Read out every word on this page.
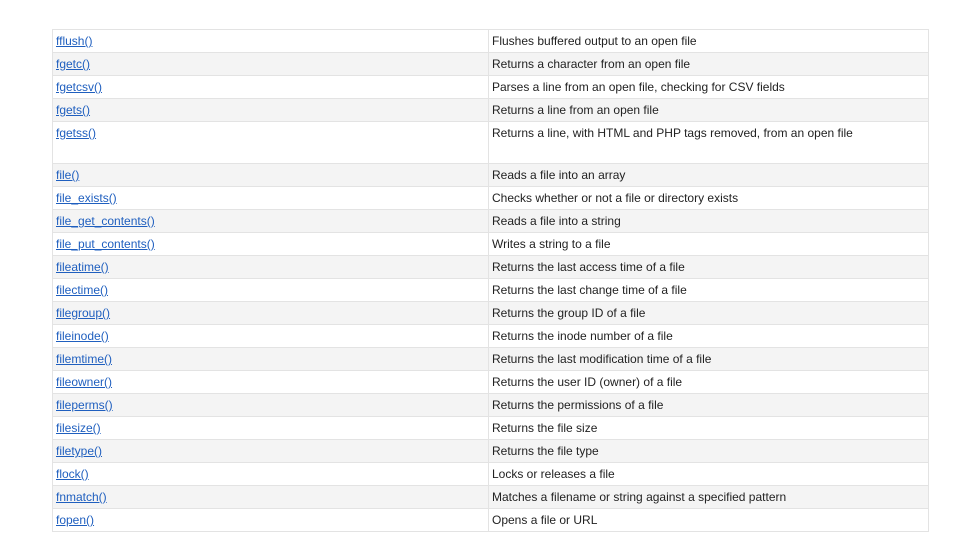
fflush()	Flushes buffered output to an open file
fgetc()	Returns a character from an open file
fgetcsv()	Parses a line from an open file, checking for CSV fields
fgets()	Returns a line from an open file
fgetss()	Returns a line, with HTML and PHP tags removed, from an open file
file()	Reads a file into an array
file_exists()	Checks whether or not a file or directory exists
file_get_contents()	Reads a file into a string
file_put_contents()	Writes a string to a file
fileatime()	Returns the last access time of a file
filectime()	Returns the last change time of a file
filegroup()	Returns the group ID of a file
fileinode()	Returns the inode number of a file
filemtime()	Returns the last modification time of a file
fileowner()	Returns the user ID (owner) of a file
fileperms()	Returns the permissions of a file
filesize()	Returns the file size
filetype()	Returns the file type
flock()	Locks or releases a file
fnmatch()	Matches a filename or string against a specified pattern
fopen()	Opens a file or URL
